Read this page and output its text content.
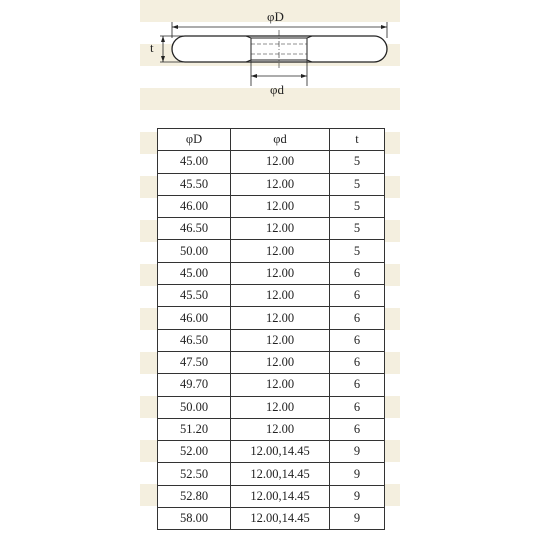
φD
t
φd
φD	φd	t
45.00	12.00	5
45.50	12.00	5
46.00	12.00	5
46.50	12.00	5
50.00	12.00	5
45.00	12.00	6
45.50	12.00	6
46.00	12.00	6
46.50	12.00	6
47.50	12.00	6
49.70	12.00	6
50.00	12.00	6
51.20	12.00	6
52.00	12.00,14.45	9
52.50	12.00,14.45	9
52.80	12.00,14.45	9
58.00	12.00,14.45	9
